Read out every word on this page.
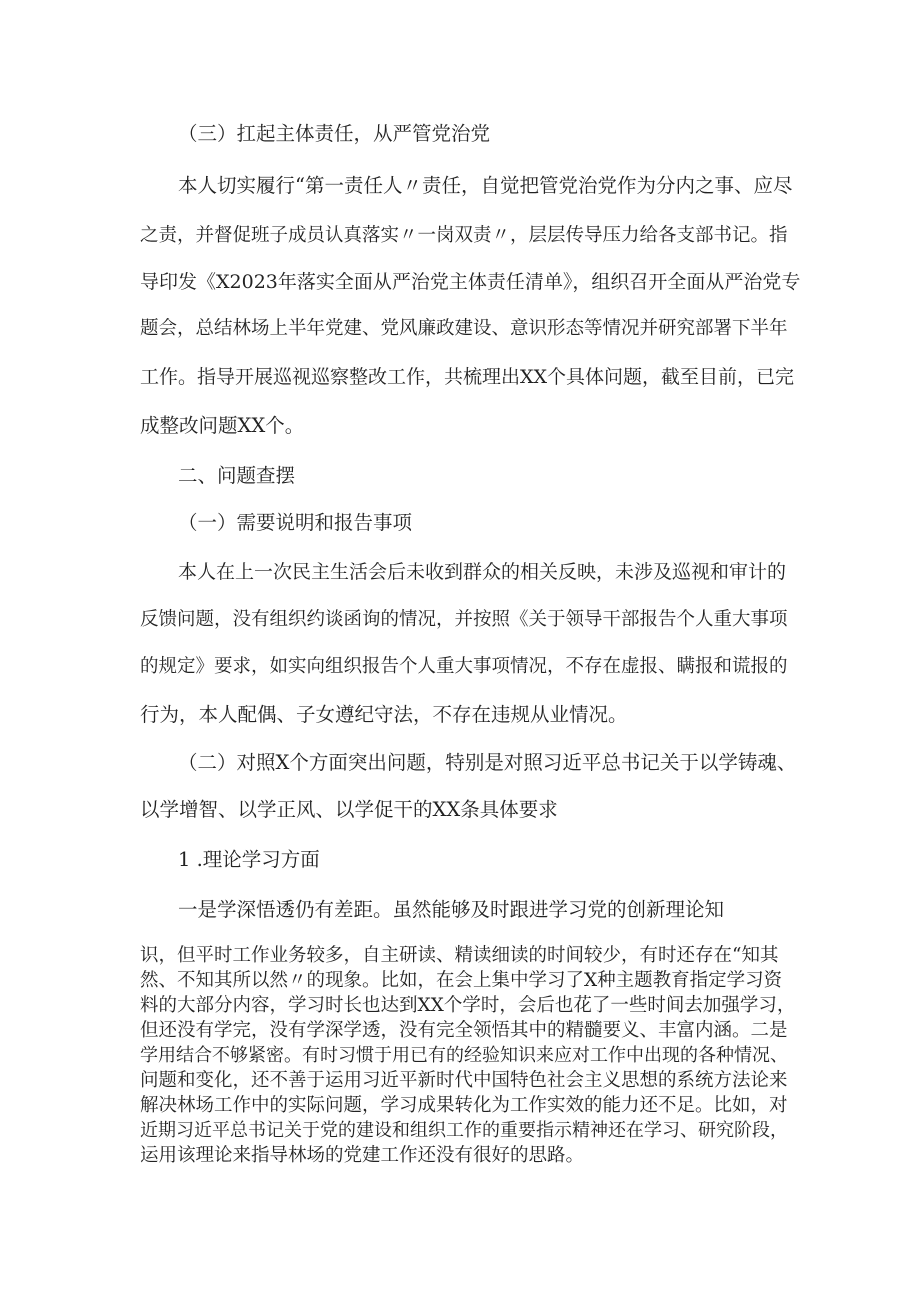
（三）扛起主体责任，从严管党治党

本人切实履行“第一责任人〃责任，自觉把管党治党作为分内之事、应尽

之责，并督促班子成员认真落实〃一岗双责〃，层层传导压力给各支部书记。指

导印发《X2023年落实全面从严治党主体责任清单》，组织召开全面从严治党专

题会，总结林场上半年党建、党风廉政建设、意识形态等情况并研究部署下半年

工作。指导开展巡视巡察整改工作，共梳理出XX个具体问题，截至目前，已完

成整改问题XX个。

二、问题查摆

（一）需要说明和报告事项

本人在上一次民主生活会后未收到群众的相关反映，未涉及巡视和审计的

反馈问题，没有组织约谈函询的情况，并按照《关于领导干部报告个人重大事项

的规定》要求，如实向组织报告个人重大事项情况，不存在虚报、瞒报和谎报的

行为，本人配偶、子女遵纪守法，不存在违规从业情况。

（二）对照X个方面突出问题，特别是对照习近平总书记关于以学铸魂、

以学增智、以学正风、以学促干的XX条具体要求

1 .理论学习方面

一是学深悟透仍有差距。虽然能够及时跟进学习党的创新理论知

识，但平时工作业务较多，自主研读、精读细读的时间较少，有时还存在“知其

然、不知其所以然〃的现象。比如，在会上集中学习了X种主题教育指定学习资

料的大部分内容，学习时长也达到XX个学时，会后也花了一些时间去加强学习，

但还没有学完，没有学深学透，没有完全领悟其中的精髓要义、丰富内涵。二是

学用结合不够紧密。有时习惯于用已有的经验知识来应对工作中出现的各种情况、

问题和变化，还不善于运用习近平新时代中国特色社会主义思想的系统方法论来

解决林场工作中的实际问题，学习成果转化为工作实效的能力还不足。比如，对

近期习近平总书记关于党的建设和组织工作的重要指示精神还在学习、研究阶段，

运用该理论来指导林场的党建工作还没有很好的思路。
